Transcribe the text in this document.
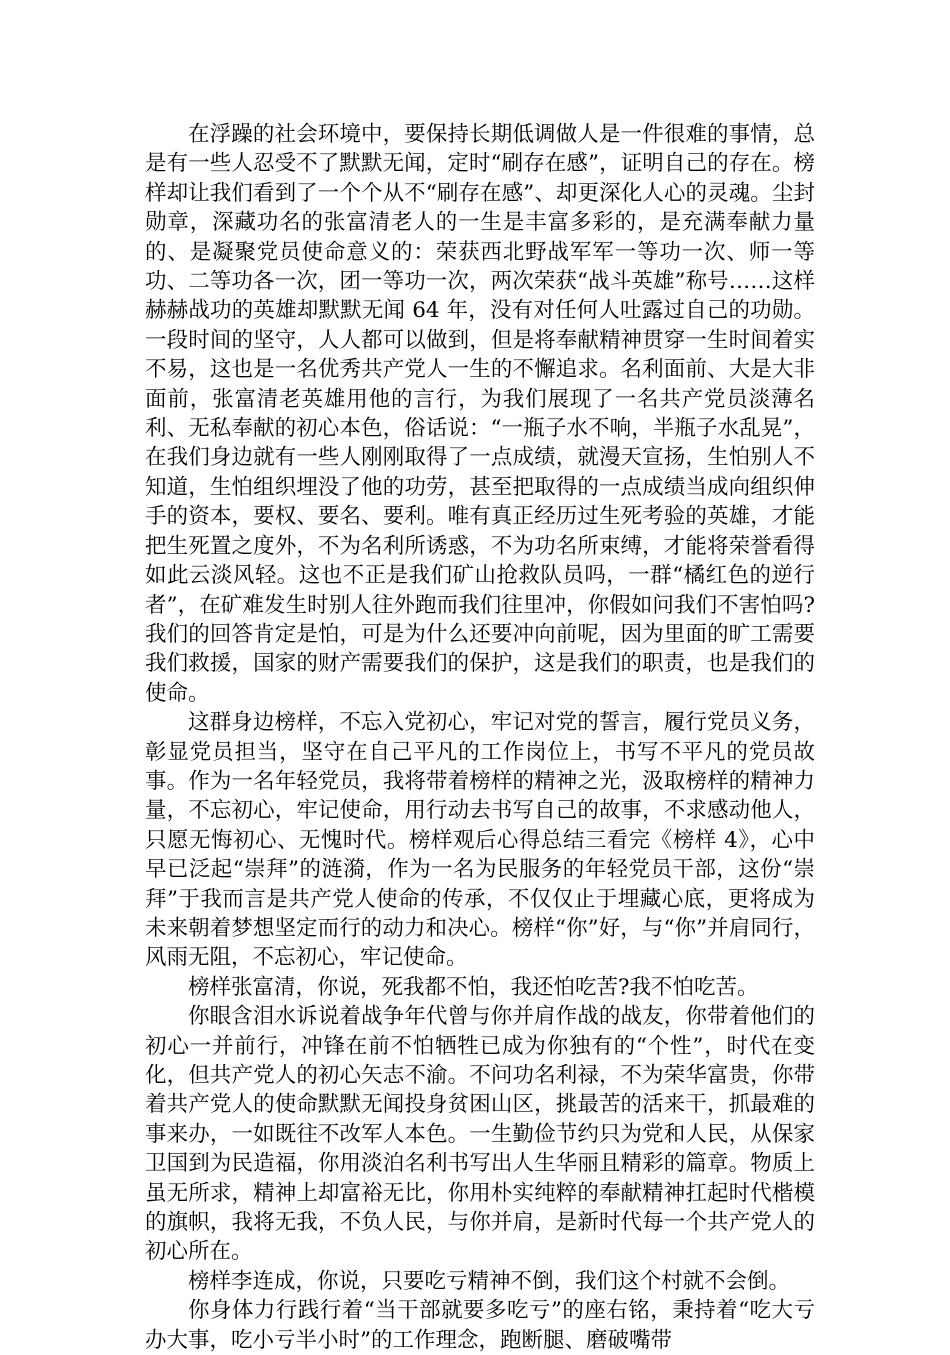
在浮躁的社会环境中，要保持长期低调做人是一件很难的事情，总是有一些人忍受不了默默无闻，定时“刷存在感”，证明自己的存在。榜样却让我们看到了一个个从不“刷存在感”、却更深化人心的灵魂。尘封勋章，深藏功名的张富清老人的一生是丰富多彩的，是充满奉献力量的、是凝聚党员使命意义的：荣获西北野战军军一等功一次、师一等功、二等功各一次，团一等功一次，两次荣获“战斗英雄”称号……这样赫赫战功的英雄却默默无闻 64 年，没有对任何人吐露过自己的功勋。一段时间的坚守，人人都可以做到，但是将奉献精神贯穿一生时间着实不易，这也是一名优秀共产党人一生的不懈追求。名利面前、大是大非面前，张富清老英雄用他的言行，为我们展现了一名共产党员淡薄名利、无私奉献的初心本色，俗话说：“一瓶子水不响，半瓶子水乱晃”，在我们身边就有一些人刚刚取得了一点成绩，就漫天宣扬，生怕别人不知道，生怕组织埋没了他的功劳，甚至把取得的一点成绩当成向组织伸手的资本，要权、要名、要利。唯有真正经历过生死考验的英雄，才能把生死置之度外，不为名利所诱惑，不为功名所束缚，才能将荣誉看得如此云淡风轻。这也不正是我们矿山抢救队员吗，一群“橘红色的逆行者”，在矿难发生时别人往外跑而我们往里冲，你假如问我们不害怕吗?我们的回答肯定是怕，可是为什么还要冲向前呢，因为里面的旷工需要我们救援，国家的财产需要我们的保护，这是我们的职责，也是我们的使命。

这群身边榜样，不忘入党初心，牢记对党的誓言，履行党员义务，彰显党员担当，坚守在自己平凡的工作岗位上，书写不平凡的党员故事。作为一名年轻党员，我将带着榜样的精神之光，汲取榜样的精神力量，不忘初心，牢记使命，用行动去书写自己的故事，不求感动他人，只愿无悔初心、无愧时代。榜样观后心得总结三看完《榜样 4》，心中早已泛起“崇拜”的涟漪，作为一名为民服务的年轻党员干部，这份“崇拜”于我而言是共产党人使命的传承，不仅仅止于埋藏心底，更将成为未来朝着梦想坚定而行的动力和决心。榜样“你”好，与“你”并肩同行，风雨无阻，不忘初心，牢记使命。

榜样张富清，你说，死我都不怕，我还怕吃苦?我不怕吃苦。

你眼含泪水诉说着战争年代曾与你并肩作战的战友，你带着他们的初心一并前行，冲锋在前不怕牺牲已成为你独有的“个性”，时代在变化，但共产党人的初心矢志不渝。不问功名利禄，不为荣华富贵，你带着共产党人的使命默默无闻投身贫困山区，挑最苦的活来干，抓最难的事来办，一如既往不改军人本色。一生勤俭节约只为党和人民，从保家卫国到为民造福，你用淡泊名利书写出人生华丽且精彩的篇章。物质上虽无所求，精神上却富裕无比，你用朴实纯粹的奉献精神扛起时代楷模的旗帜，我将无我，不负人民，与你并肩，是新时代每一个共产党人的初心所在。

榜样李连成，你说，只要吃亏精神不倒，我们这个村就不会倒。

你身体力行践行着“当干部就要多吃亏”的座右铭，秉持着“吃大亏办大事，吃小亏半小时”的工作理念，跑断腿、磨破嘴带
